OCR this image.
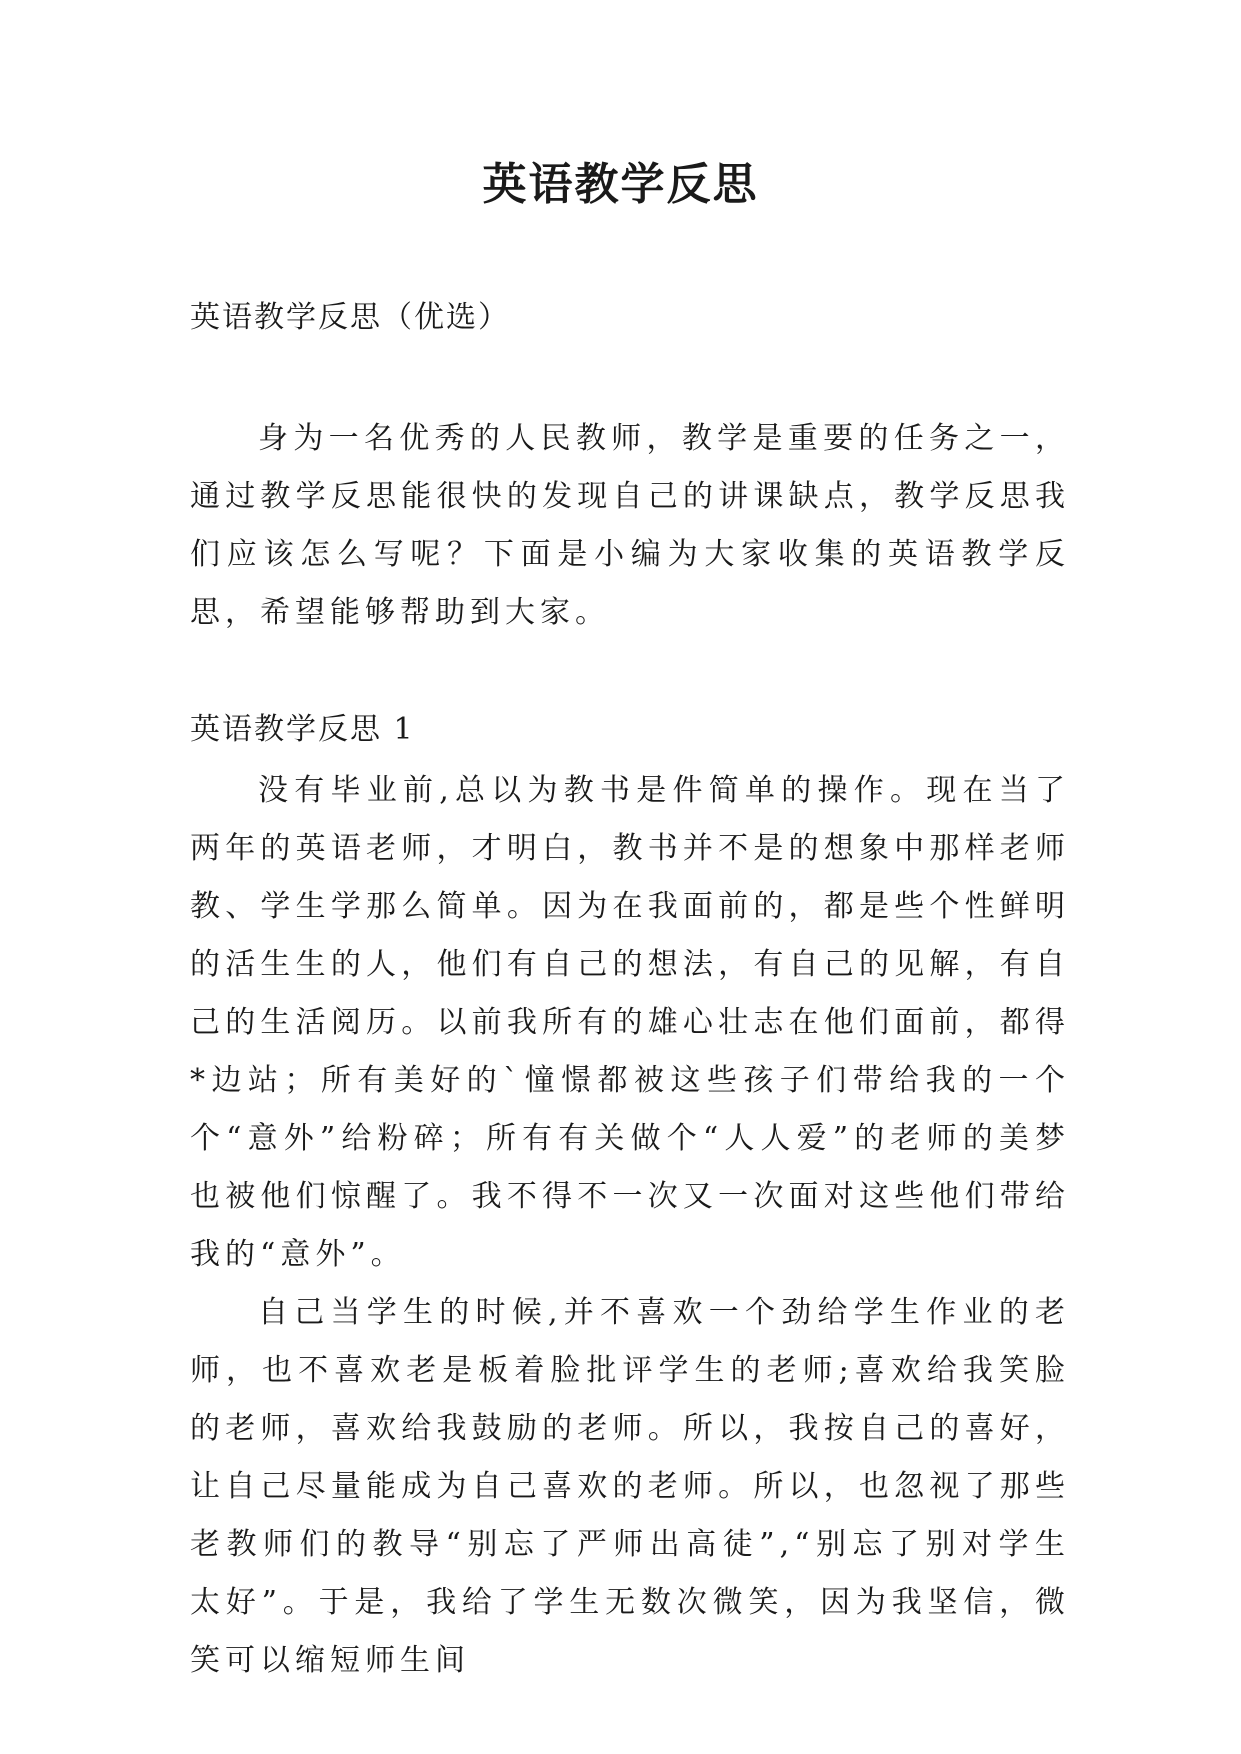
英语教学反思
英语教学反思（优选）

身为一名优秀的人民教师，教学是重要的任务之一，通过教学反思能很快的发现自己的讲课缺点，教学反思我们应该怎么写呢？下面是小编为大家收集的英语教学反思，希望能够帮助到大家。

英语教学反思 1

没有毕业前,总以为教书是件简单的操作。现在当了两年的英语老师，才明白，教书并不是的想象中那样老师教、学生学那么简单。因为在我面前的，都是些个性鲜明的活生生的人，他们有自己的想法，有自己的见解，有自己的生活阅历。以前我所有的雄心壮志在他们面前，都得*边站；所有美好的`憧憬都被这些孩子们带给我的一个个“意外”给粉碎；所有有关做个“人人爱”的老师的美梦也被他们惊醒了。我不得不一次又一次面对这些他们带给我的“意外”。

自己当学生的时候,并不喜欢一个劲给学生作业的老师，也不喜欢老是板着脸批评学生的老师;喜欢给我笑脸的老师，喜欢给我鼓励的老师。所以，我按自己的喜好，让自己尽量能成为自己喜欢的老师。所以，也忽视了那些老教师们的教导“别忘了严师出高徒”,“别忘了别对学生太好”。于是，我给了学生无数次微笑，因为我坚信，微笑可以缩短师生间
